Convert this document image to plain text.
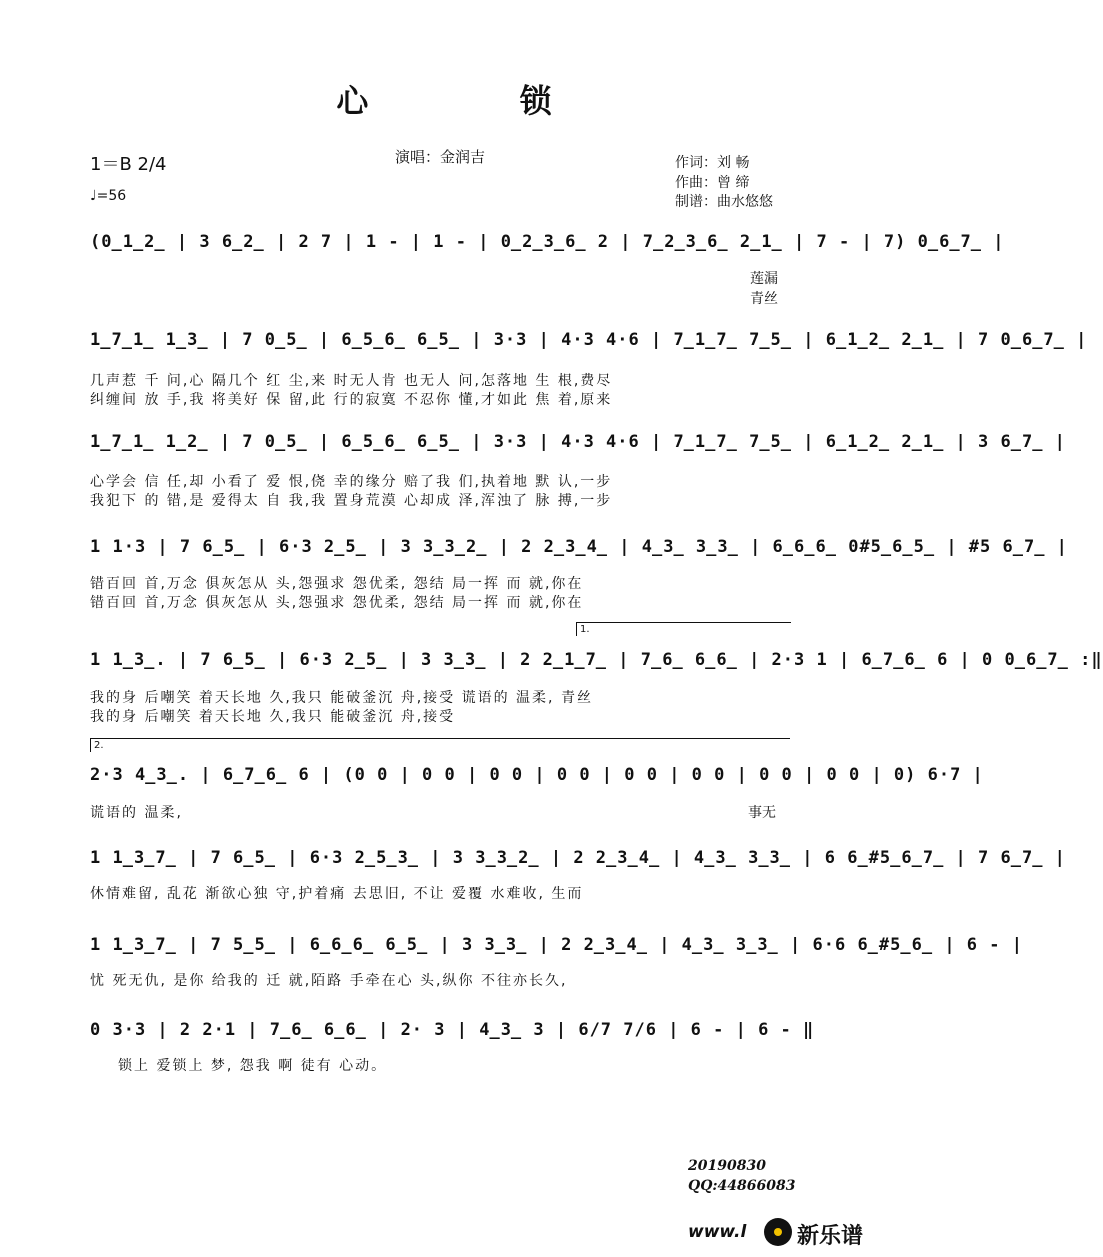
心 锁
演唱：金润吉
1＝B 2/4
♩=56
作词：刘 畅
作曲：曾 缔
制谱：曲水悠悠
(0̲1̲2̲ | 3 6̲2̲ | 2 7 | 1 - | 1 - | 0̲2̲3̲6̲ 2 | 7̲2̲3̲6̲ 2̲1̲ | 7 - | 7) 0̲6̲7̲ |
莲漏
青丝
1̲7̲1̲ 1̲3̲ | 7 0̲5̲ | 6̲5̲6̲ 6̲5̲ | 3·3 | 4·3 4·6 | 7̲1̲7̲ 7̲5̲ | 6̲1̲2̲ 2̲1̲ | 7 0̲6̲7̲ |
几声惹 千 问,心 隔几个 红 尘,来 时无人肯 也无人 问,怎落地 生 根,费尽
纠缠间 放 手,我 将美好 保 留,此 行的寂寞 不忍你 懂,才如此 焦 着,原来
1̲7̲1̲ 1̲2̲ | 7 0̲5̲ | 6̲5̲6̲ 6̲5̲ | 3·3 | 4·3 4·6 | 7̲1̲7̲ 7̲5̲ | 6̲1̲2̲ 2̲1̲ | 3 6̲7̲ |
心学会 信 任,却 小看了 爱 恨,侥 幸的缘分 赔了我 们,执着地 默 认,一步
我犯下 的 错,是 爱得太 自 我,我 置身荒漠 心却成 泽,浑浊了 脉 搏,一步
1 1·3 | 7 6̲5̲ | 6·3 2̲5̲ | 3 3̲3̲2̲ | 2 2̲3̲4̲ | 4̲3̲ 3̲3̲ | 6̲6̲6̲ 0#5̲6̲5̲ | #5 6̲7̲ |
错百回 首,万念 俱灰怎从 头,怨强求 怨优柔, 怨结 局一挥 而 就,你在
错百回 首,万念 俱灰怎从 头,怨强求 怨优柔, 怨结 局一挥 而 就,你在
1.
1 1̲3̲. | 7 6̲5̲ | 6·3 2̲5̲ | 3 3̲3̲ | 2 2̲1̲7̲ | 7̲6̲ 6̲6̲ | 2·3 1 | 6̲7̲6̲ 6 | 0 0̲6̲7̲ :‖
我的身 后嘲笑 着天长地 久,我只 能破釜沉 舟,接受 谎语的 温柔, 青丝
我的身 后嘲笑 着天长地 久,我只 能破釜沉 舟,接受
2.
2·3 4̲3̲. | 6̲7̲6̲ 6 | (0 0 | 0 0 | 0 0 | 0 0 | 0 0 | 0 0 | 0 0 | 0 0 | 0) 6·7 |
谎语的 温柔,	事无
1 1̲3̲7̲ | 7 6̲5̲ | 6·3 2̲5̲3̲ | 3 3̲3̲2̲ | 2 2̲3̲4̲ | 4̲3̲ 3̲3̲ | 6 6̲#5̲6̲7̲ | 7 6̲7̲ |
休情难留, 乱花 渐欲心独 守,护着痛 去思旧, 不让 爱覆 水难收, 生而
1 1̲3̲7̲ | 7 5̲5̲ | 6̲6̲6̲ 6̲5̲ | 3 3̲3̲ | 2 2̲3̲4̲ | 4̲3̲ 3̲3̲ | 6·6 6̲#5̲6̲ | 6 - |
忧 死无仇, 是你 给我的 迁 就,陌路 手牵在心 头,纵你 不往亦长久,
0 3·3 | 2 2·1 | 7̲6̲ 6̲6̲ | 2· 3 | 4̲3̲ 3 | 6/7 7/6 | 6 - | 6 - ‖
锁上 爱锁上 梦, 怨我 啊 徒有 心动。
20190830
QQ:44866083
www.l 新乐谱
